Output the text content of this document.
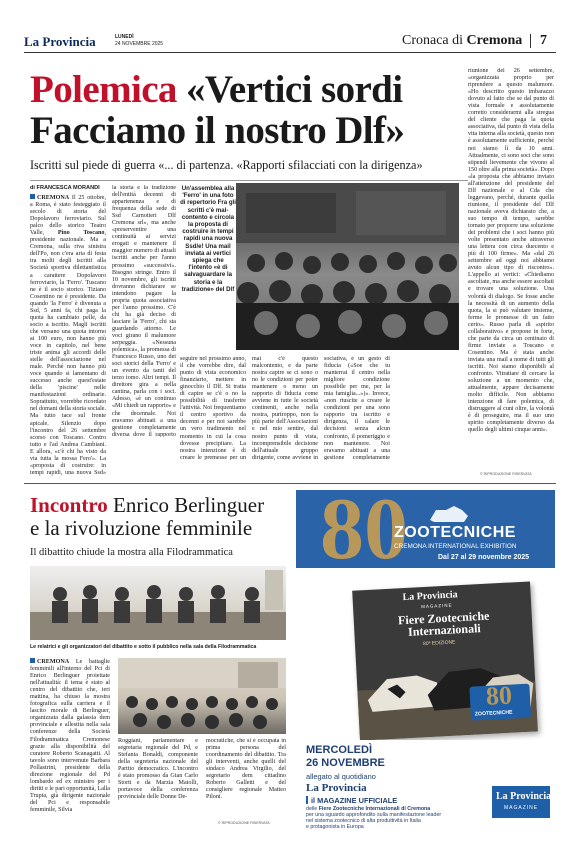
La Provincia	LUNEDÌ
24 NOVEMBRE 2025	Cronaca di Cremona 7
Polemica «Vertici sordi
Facciamo il nostro Dlf»
Iscritti sul piede di guerra «... di partenza. «Rapporti sfilacciati con la dirigenza»
di FRANCESCA MORANDI
CREMONA Il 25 ottobre, a Roma, è stato festeggiato il secolo di storia del Dopolavoro ferroviario. Sul palco dello storico Teatro Valle, Pino Toscano, presidente nazionale. Ma a Cremona, sulla riva sinistra dell'Po, non c'era aria di festa tra molti degli iscritti alla Società sportiva dilettantistica a carattere Dopolavoro ferroviario, la 'Ferro'. Tuscano ne è il socio storico. Tiziano Cosentino ne è presidente. Da quando 'la Ferro' è divenuta a Ssd, 5 anni fa, chi paga la quota ha cambiato pelle, da socio a iscritto. Magli iscritti che versano una quota intorno ai 100 euro, non hanno più voce in capitolo, nel bene triste anima gli accordi delle stelle dell'associazione nel male. Perché non hanno più voce quando si lamentano di successo anche quest'estate della 'piscine' nelle manifestazioni ordinarie. Soprattutto, vorrebbe ricordato nel domani della storia sociale. Ma tutto tace sul fronte apicale. Silenzio dopo l'incontro del 26 settembre scorso con Toscano. Contro tutto e l'ad Andrea Cambiani. E allora, «c'è chi ha visto da via tutta la mossa Fero'». La «proposta di costruire: in tempi rapidi, una nuova Ssd»
la storia e la tradizione dell'entità decenni di appartenenza e di frequenza della sede di Ssd Carnotieri Dlf Cremona srl», ma anche «preserventire una continuità ai servizi erogati e mantenere il maggior numero di attuali iscritti anche per l'anno prossimo «successivi». Bisogno stringe. Entro il 10 novembre, gli iscritti dovranno dichiarare se intendono pagare la propria quota associativa per l'anno prossimo. C'è chi ha già deciso di lasciare la 'Ferro', chi sta guardando attorno. Le voci girano il malumore serpeggia. «Nessuna polemica», la promessa di Francesco Russo, uno dei soci storici della 'Ferro' e un evento da tanti del terzo tomo. Altri tempi. Il direttore gira a nella cantina, parla con i soci. Adesso, «è un continuo «Mi chiedi un rapporto» e che decennale. Noi eravamo abituati a una gestione completamente diversa dove il rapporto
Un'assemblea alla 'Ferro' in una foto di repertorio Fra gli scritti c'è mal-contento e circola la proposta di costruire in tempi rapidi una nuova Ssd/e! Una mail inviata ai vertici spiega che l'intento «è di salvaguardare la storia e la tradizione» del Dlf
seguire nel prossimo anno, il che vorrebbe dire, dal punto di vista economico finanziario, mettere in ginocchio il Dlf. Si tratta di capire se c'è o no la possibilità di trasferire l'attività. Noi frequentiamo il centro sportivo da decenni e per noi sarebbe un vero tradimento nel momento in cui la cosa dovesse precipitare. La nostra intenzione è di creare le premesse per un
mai c'è questo malcontento, e da parte nostra capire se ci sono o no le condizioni per poter mantenere o meno un rapporto di fiducia come avviene in tutte le società continenti, anche nella nostra, purtroppo, non fa più parte dell'Associazioni e nel mio sentire, dal nostro punto di vista, incomprensibile decisione dell'attuale gruppo dirigente, come avviene in
sociativa, è un gesto di fiducia («Soe che tu manterrai il centro nella migliore condizione possibile per me, per la mia famiglia...»)». Invece, «non riuscite a creare le condizioni per una sono rapporto tra iscritto e dirigenza, il calare le decisioni senza alcun confronto, il pomeriggio e non mantenere. Noi eravamo abituati a una gestione completamente
riunione del 26 settembre, «organizzata proprio per riprendere a questo malumore. «Ho descritto questo imbarazzo dovuto al fatto che se dal punto di vista formale e assolutamente corretto considerarmi alla stregua del cliente che paga la quota associativa, dal punto di vista della vita interna alla società, questo non è assolutamente sufficiente, perché noi siamo lì da 10 anni. Attualmente, ci sono soci che sono stipendi lievemente che vivono al 150 oltre alla prima società». Dopo «la proposta che abbiamo inviato all'attenzione del presidente del Dlf nazionale e al Cda che leggevano, perché, durante quella riunione, il presidente del Dlf nazionale aveva dichiarato che, a suo tempo di tempo, sarebbe tornato per proporre una soluzione dei problemi che i soci hanno più volte presentato anche attraverso una lettera con circa duecento e più di 100 firme». Ma «dal 26 settembre ad oggi noi abbiamo avuto alcun tipo di riscontro». L'appello ai vertici: «Chiediamo ascoltate, ma anche essere ascoltati e trovare una soluzione. Una volontà di dialogo. Se fosse anche la necessità di un aumento della quota, la si può valutare insieme, ferme le promesse di un fatto certo». Russo parla di «spirito collaborativo» e propone in forte, che parte da circa un centinaio di firme inviate a Toscano e Cosentino. Ma è stata anche inviata una mail a nome di tutti gli iscritti. Noi siamo disponibili al confronto. Vitrattare di cercare la soluzione a un momento che, attualmente, appare decisamente molto difficile. Non abbiamo intenzione di fare polemica, di distruggere al cuni oltre, la volontà è di proseguire, ma il suo uno spirito completamente diverso da quello degli ultimi cinque anni».
© RIPRODUZIONE RISERVATA
Incontro Enrico Berlinguer
e la rivoluzione femminile
Il dibattito chiude la mostra alla Filodrammatica
Le relatrici e gli organizzatori del dibattito e sotto il pubblico nella sala della Filodrammatica
CREMONA Le battaglie femminili all'interno del Pci di Enrico Berlinguer proiettate nell'attualità: il tema è stato al centro del dibattito che, ieri mattina, ha chiuso la mostra fotografica sulla carriera e il lascito morale di Berlinguer, organizzata dalla galassia dem provinciale e allestita nella sala conferenze della Società Filodrammatica Cremonese grazie alla disponibilità del curatore Roberto Scanagatti. Al tavolo sono intervenute Barbara Pollastrini, presidente della direzione regionale del Pd lombardo ed ex ministro per i diritti e le pari opportunità, Lalla Trupia, già dirigente nazionale del Pci e responsabile femminile, Silvia
Roggiani, parlamentare e segretaria regionale del Pd, e Stefania Bonaldi, componente della segreteria nazionale del Partito democratico. L'incontro è stato promosso da Gian Carlo Storti e da Marzia Maiolli, portavoce della conferenza provinciale delle Donne De-
mocratiche, che si è occupata in prima persona del coordinamento del dibattito. Tra gli interventi, anche quelli del sindaco Andrea Virgilio, del segretario dem cittadino Roberto Galletti e del consigliere regionale Matteo Piloni.
© RIPRODUZIONE RISERVATA
80
ZOOTECNICHE
CREMONA INTERNATIONAL EXHIBITION
Dal 27 al 29 novembre 2025
La Provincia
MAGAZINE
Fiere Zootecniche Internazionali
80ª EDIZIONE
80
ZOOTECNICHE
MERCOLEDÌ
26 NOVEMBRE
allegato al quotidiano
La Provincia
il MAGAZINE UFFICIALE
delle Fiere Zootecniche Internazionali di Cremona
per una sguardo approfondito sulla manifestazione leader
nel sistema zootecnico di alta produttività in Italia
e protagonista in Europa
La Provincia
MAGAZINE
